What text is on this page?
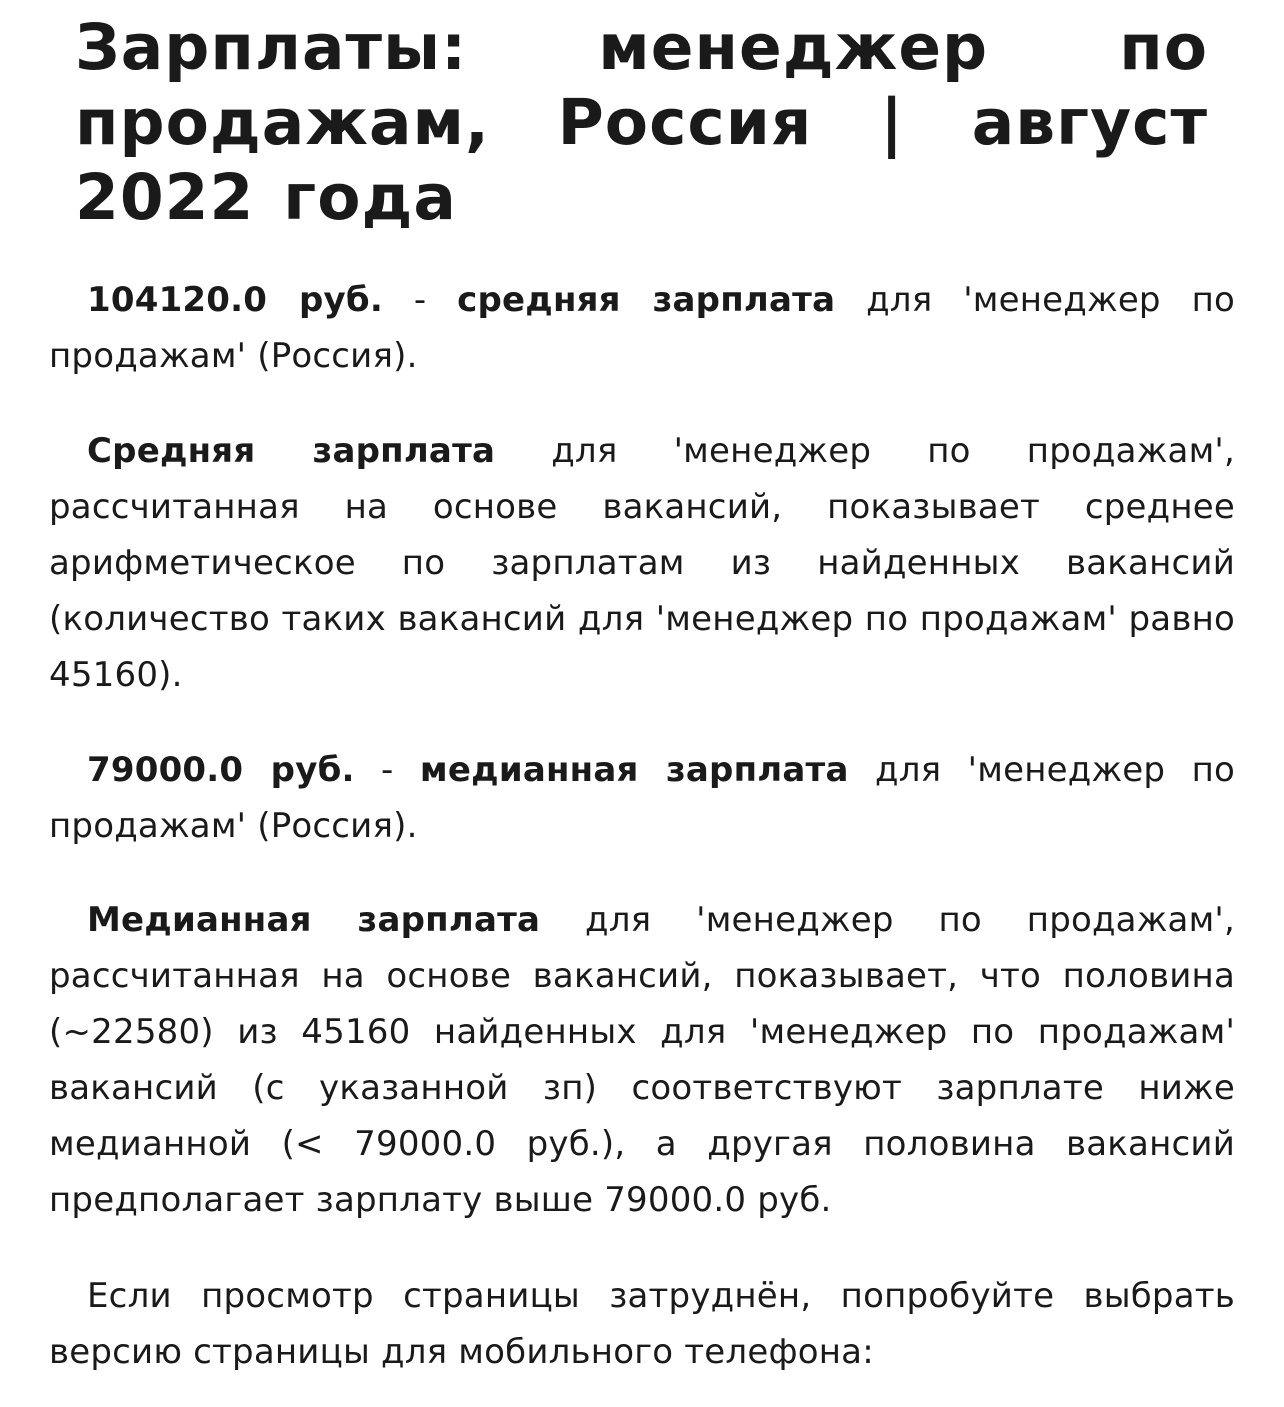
Зарплаты: менеджер по продажам, Россия | август 2022 года

104120.0 руб. - средняя зарплата для 'менеджер по продажам' (Россия).

Средняя зарплата для 'менеджер по продажам', рассчитанная на основе вакансий, показывает среднее арифметическое по зарплатам из найденных вакансий (количество таких вакансий для 'менеджер по продажам' равно 45160).

79000.0 руб. - медианная зарплата для 'менеджер по продажам' (Россия).

Медианная зарплата для 'менеджер по продажам', рассчитанная на основе вакансий, показывает, что половина (~22580) из 45160 найденных для 'менеджер по продажам' вакансий (с указанной зп) соответствуют зарплате ниже медианной (< 79000.0 руб.), а другая половина вакансий предполагает зарплату выше 79000.0 руб.

Если просмотр страницы затруднён, попробуйте выбрать версию страницы для мобильного телефона:
